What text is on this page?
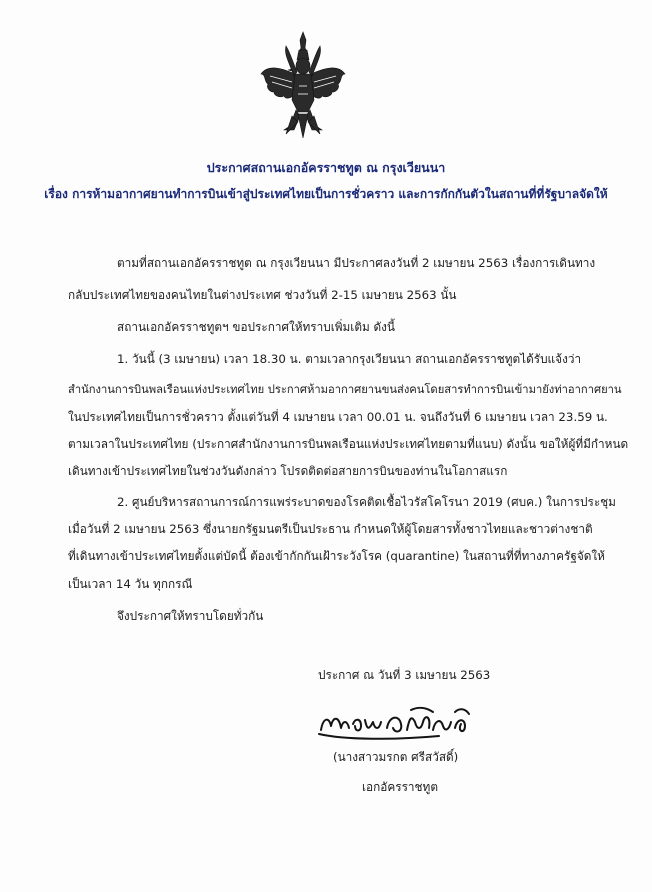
ประกาศสถานเอกอัครราชทูต ณ กรุงเวียนนา
เรื่อง การห้ามอากาศยานทำการบินเข้าสู่ประเทศไทยเป็นการชั่วคราว และการกักกันตัวในสถานที่ที่รัฐบาลจัดให้
ตามที่สถานเอกอัครราชทูต ณ กรุงเวียนนา มีประกาศลงวันที่ 2 เมษายน 2563 เรื่องการเดินทาง
กลับประเทศไทยของคนไทยในต่างประเทศ ช่วงวันที่ 2-15 เมษายน 2563 นั้น
สถานเอกอัครราชทูตฯ ขอประกาศให้ทราบเพิ่มเติม ดังนี้
1. วันนี้ (3 เมษายน) เวลา 18.30 น. ตามเวลากรุงเวียนนา สถานเอกอัครราชทูตได้รับแจ้งว่า
สำนักงานการบินพลเรือนแห่งประเทศไทย ประกาศห้ามอากาศยานขนส่งคนโดยสารทำการบินเข้ามายังท่าอากาศยาน
ในประเทศไทยเป็นการชั่วคราว ตั้งแต่วันที่ 4 เมษายน เวลา 00.01 น. จนถึงวันที่ 6 เมษายน เวลา 23.59 น.
ตามเวลาในประเทศไทย (ประกาศสำนักงานการบินพลเรือนแห่งประเทศไทยตามที่แนบ) ดังนั้น ขอให้ผู้ที่มีกำหนด
เดินทางเข้าประเทศไทยในช่วงวันดังกล่าว โปรดติดต่อสายการบินของท่านในโอกาสแรก
2. ศูนย์บริหารสถานการณ์การแพร่ระบาดของโรคติดเชื้อไวรัสโคโรนา 2019 (ศบค.) ในการประชุม
เมื่อวันที่ 2 เมษายน 2563 ซึ่งนายกรัฐมนตรีเป็นประธาน กำหนดให้ผู้โดยสารทั้งชาวไทยและชาวต่างชาติ
ที่เดินทางเข้าประเทศไทยตั้งแต่บัดนี้ ต้องเข้ากักกันเฝ้าระวังโรค (quarantine) ในสถานที่ที่ทางภาครัฐจัดให้
เป็นเวลา 14 วัน ทุกกรณี
จึงประกาศให้ทราบโดยทั่วกัน
ประกาศ ณ วันที่ 3 เมษายน 2563
(นางสาวมรกต ศรีสวัสดิ์)
เอกอัครราชทูต
